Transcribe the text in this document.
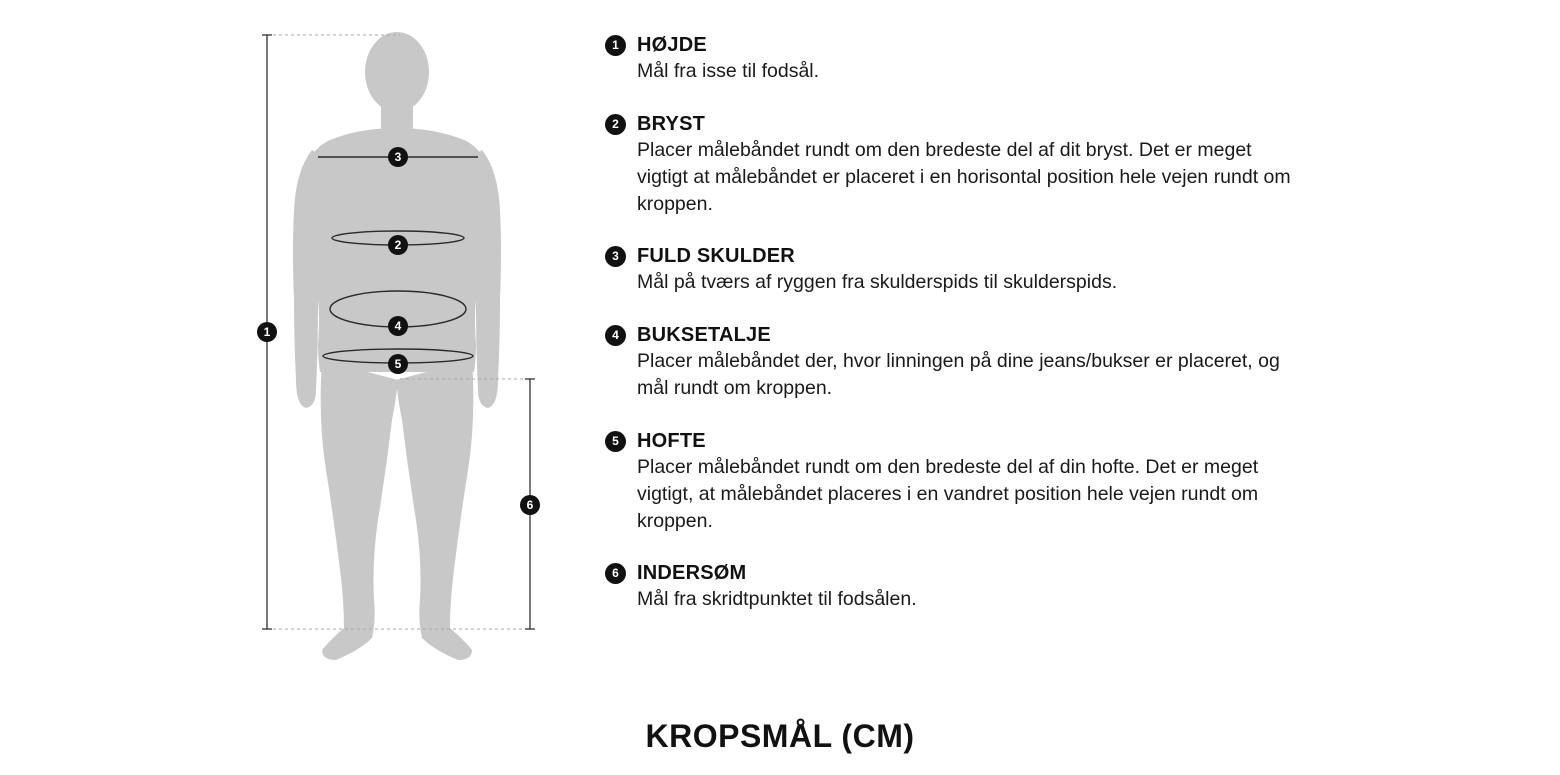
1
3
2
4
5
6
1 HØJDE
Mål fra isse til fodsål.
2 BRYST
Placer målebåndet rundt om den bredeste del af dit bryst. Det er meget vigtigt at målebåndet er placeret i en horisontal position hele vejen rundt om kroppen.
3 FULD SKULDER
Mål på tværs af ryggen fra skulderspids til skulderspids.
4 BUKSETALJE
Placer målebåndet der, hvor linningen på dine jeans/bukser er placeret, og mål rundt om kroppen.
5 HOFTE
Placer målebåndet rundt om den bredeste del af din hofte. Det er meget vigtigt, at målebåndet placeres i en vandret position hele vejen rundt om kroppen.
6 INDERSØM
Mål fra skridtpunktet til fodsålen.
KROPSMÅL (CM)
